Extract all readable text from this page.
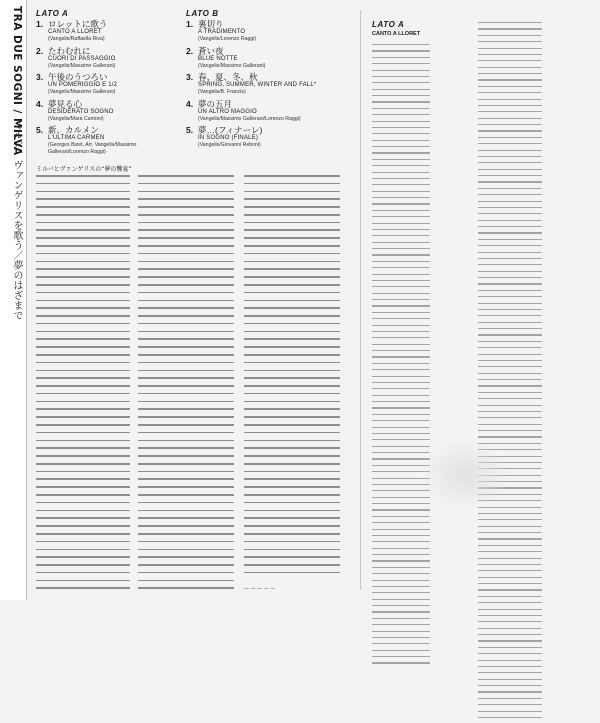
TRA DUE SOGNI / MILVA
ミルバ、ヴァンゲリスを歌う／夢のはざまで
LATO A
1. ロレットに歌う
CANTO A LLORET
(Vangelis/Raffaella Riva)
2. たわむれに
CUORI DI PASSAGGIO
(Vangelis/Massimo Gallerani)
3. 午後のうつろい
UN POMERIGGIO E 1/2
(Vangelis/Massimo Gallerani)
4. 夢見る心
DESIDERATO SOGNO
(Vangelis/Mara Cantoni)
5. 新、カルメン
L'ULTIMA CARMEN
(Georges Bizet, Arr. Vangelis/Massimo Gallerani/Lorenzo Raggi)
LATO B
1. 裏切り
A TRADIMENTO
(Vangelis/Lorenzo Raggi)
2. 蒼い夜
BLUE NOTTE
(Vangelis/Massimo Gallerani)
3. 春、夏、冬、秋
SPRING, SUMMER, WINTER AND FALL*
(Vangelis/B. Francis)
4. 夢の五月
UN ALTRO MAGGIO
(Vangelis/Massimo Gallerani/Lorenzo Raggi)
5. 夢…(フィナーレ)
IN SOGNO (FINALE)
(Vangelis/Giovanni Reboni)
LATO A
CANTO A LLORET
ミルバとヴァンゲリスの“夢の饗宴”
— — — — —
